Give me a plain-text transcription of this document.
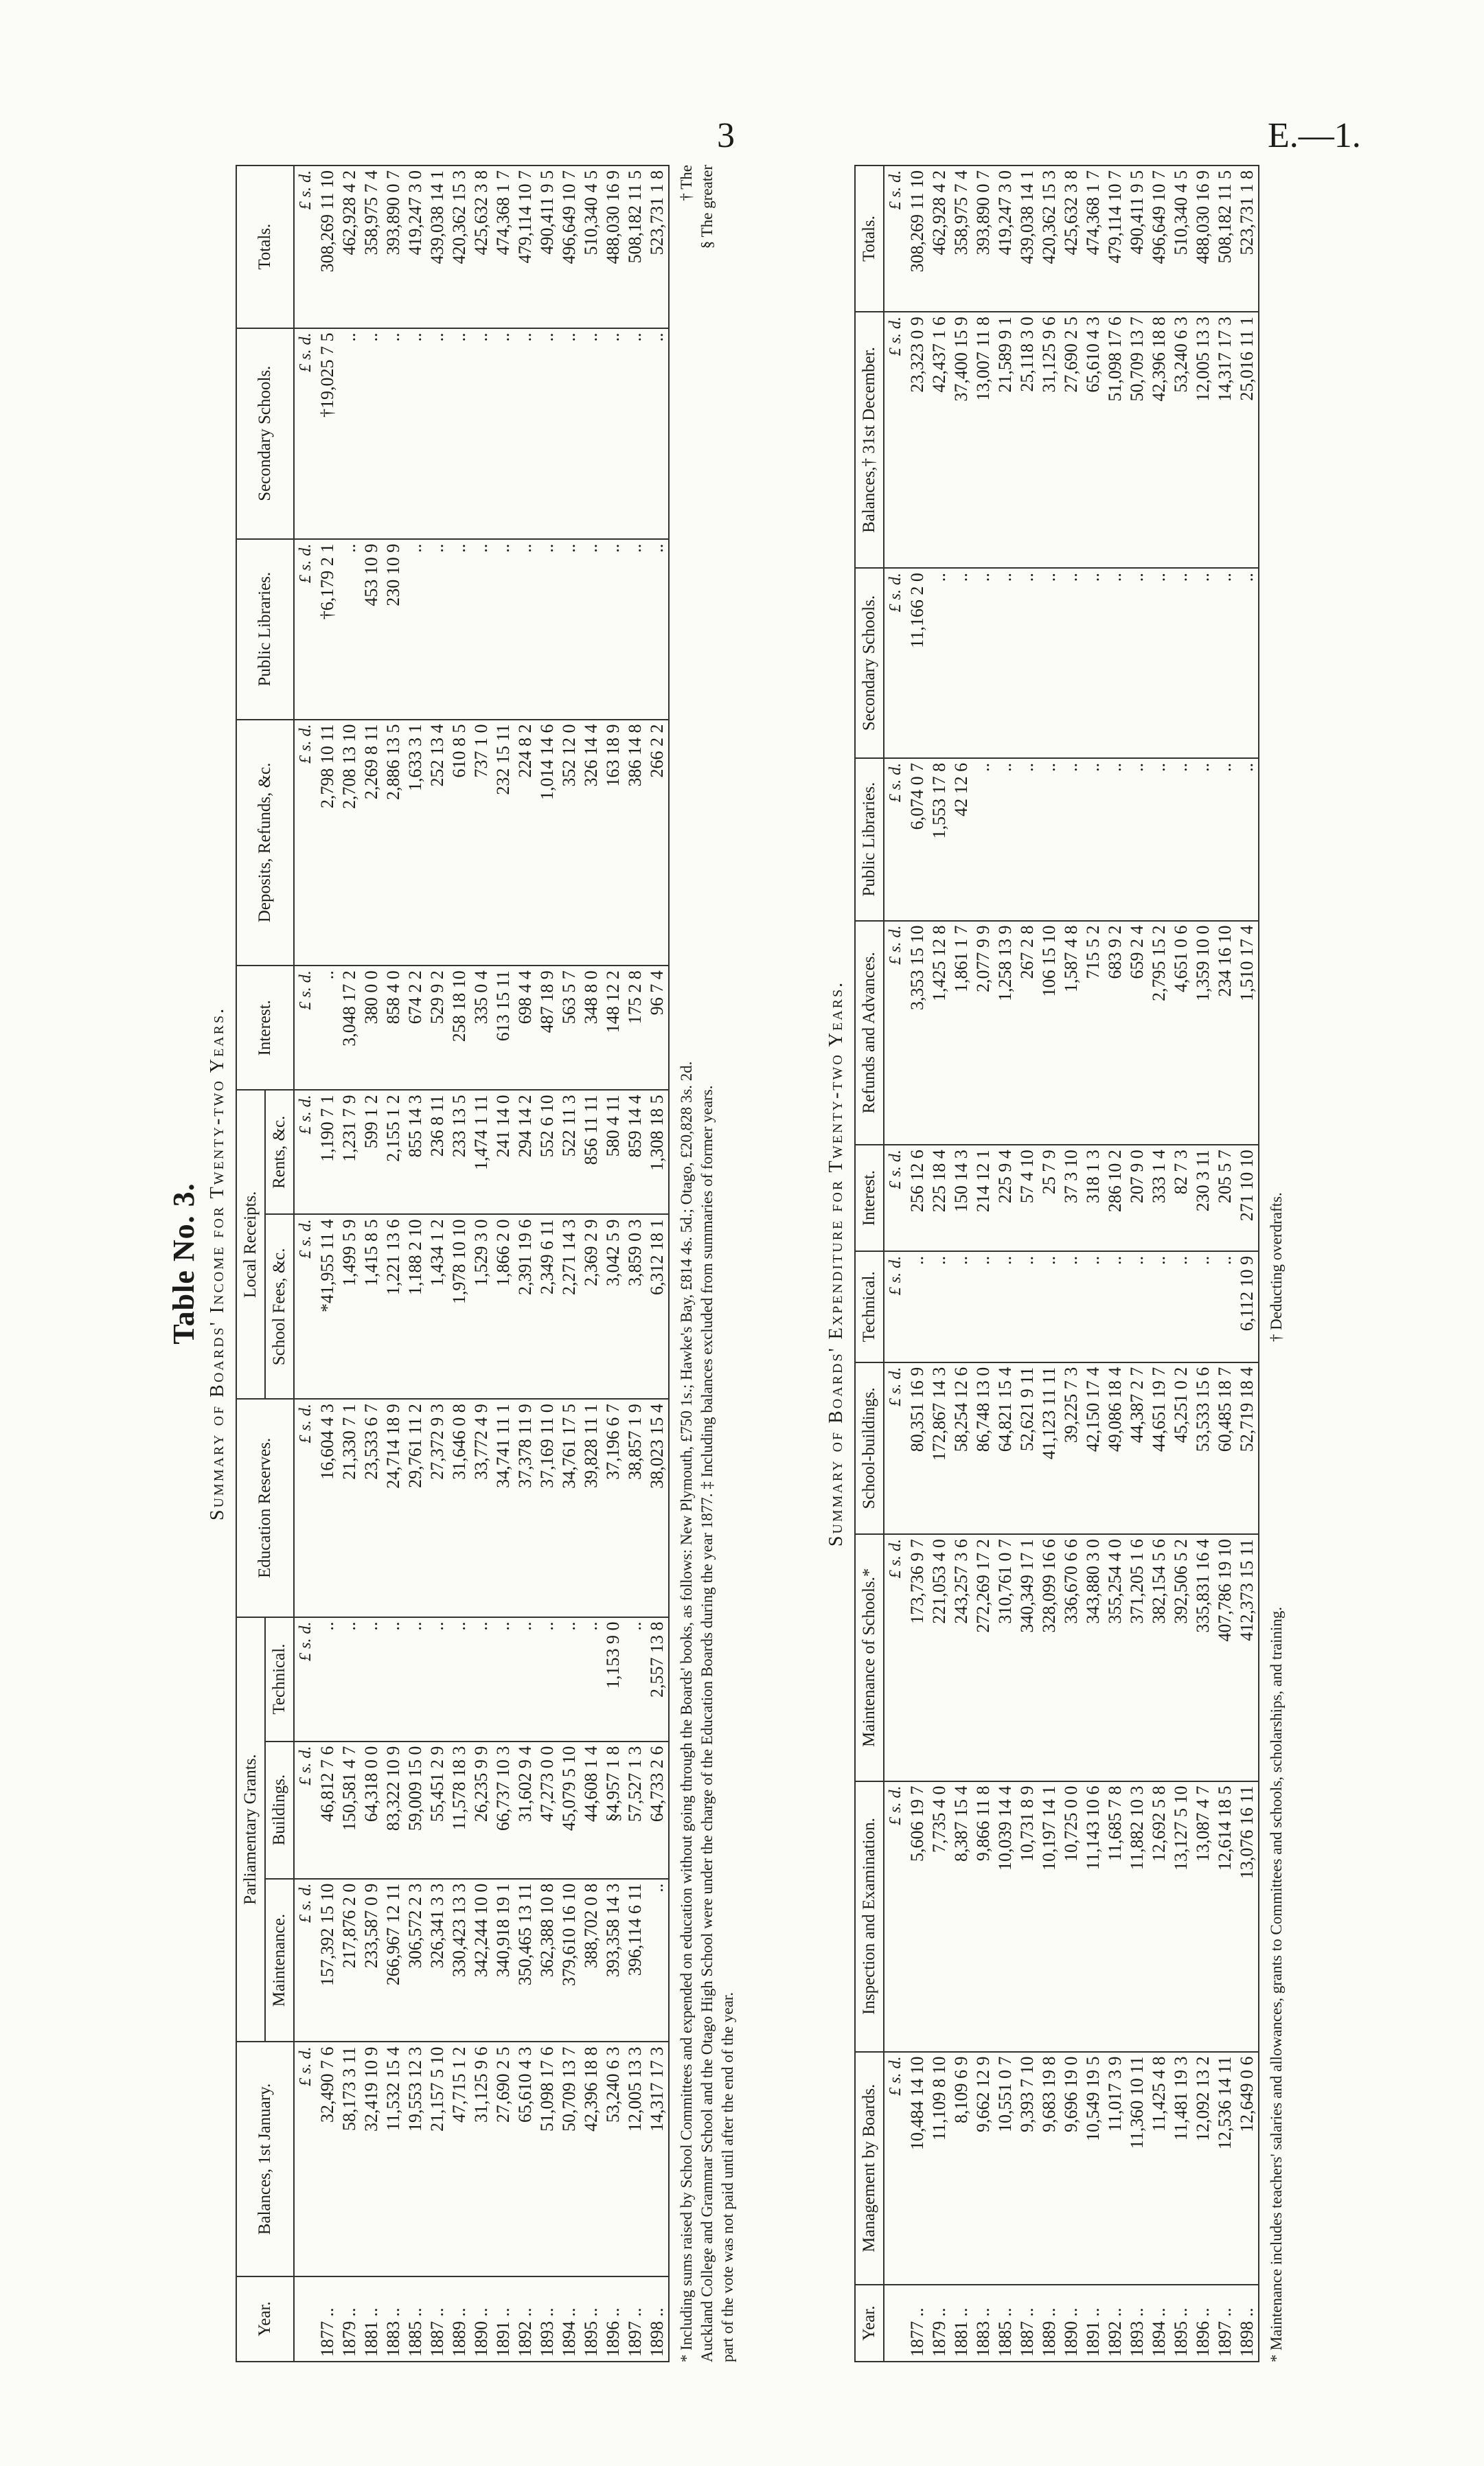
3	E.—1.
Table No. 3. Summary of Boards' Income for Twenty-two Years.
Year.	Balances, 1st January.	Parliamentary Grants.			Education Reserves.	Local Receipts.		Interest.	Deposits, Refunds, &c.	Public Libraries.	Secondary Schools.	Totals.
		Maintenance.	Buildings.	Technical.		School Fees, &c.	Rents, &c.					
	£ s. d.	£ s. d.	£ s. d.	£ s. d.	£ s. d.	£ s. d.	£ s. d.	£ s. d.	£ s. d.	£ s. d.	£ s. d.	£ s. d.
1877 ..	32,490 7 6	157,392 15 10	46,812 7 6	..	16,604 4 3	*41,955 11 4	1,190 7 1	..	2,798 10 11	†6,179 2 1	†19,025 7 5	308,269 11 10
1879 ..	58,173 3 11	217,876 2 0	150,581 4 7	..	21,330 7 1	1,499 5 9	1,231 7 9	3,048 17 2	2,708 13 10	..	..	462,928 4 2
1881 ..	32,419 10 9	233,587 0 9	64,318 0 0	..	23,533 6 7	1,415 8 5	599 1 2	380 0 0	2,269 8 11	453 10 9	..	358,975 7 4
1883 ..	11,532 15 4	266,967 12 11	83,322 10 9	..	24,714 18 9	1,221 13 6	2,155 1 2	858 4 0	2,886 13 5	230 10 9	..	393,890 0 7
1885 ..	19,553 12 3	306,572 2 3	59,009 15 0	..	29,761 11 2	1,188 2 10	855 14 3	674 2 2	1,633 3 1	..	..	419,247 3 0
1887 ..	21,157 5 10	326,341 3 3	55,451 2 9	..	27,372 9 3	1,434 1 2	236 8 11	529 9 2	252 13 4	..	..	439,038 14 1
1889 ..	47,715 1 2	330,423 13 3	11,578 18 3	..	31,646 0 8	1,978 10 10	233 13 5	258 18 10	610 8 5	..	..	420,362 15 3
1890 ..	31,125 9 6	342,244 10 0	26,235 9 9	..	33,772 4 9	1,529 3 0	1,474 1 11	335 0 4	737 1 0	..	..	425,632 3 8
1891 ..	27,690 2 5	340,918 19 1	66,737 10 3	..	34,741 11 1	1,866 2 0	241 14 0	613 15 11	232 15 11	..	..	474,368 1 7
1892 ..	65,610 4 3	350,465 13 11	31,602 9 4	..	37,378 11 9	2,391 19 6	294 14 2	698 4 4	224 8 2	..	..	479,114 10 7
1893 ..	51,098 17 6	362,388 10 8	47,273 0 0	..	37,169 11 0	2,349 6 11	552 6 10	487 18 9	1,014 14 6	..	..	490,411 9 5
1894 ..	50,709 13 7	379,610 16 10	45,079 5 10	..	34,761 17 5	2,271 14 3	522 11 3	563 5 7	352 12 0	..	..	496,649 10 7
1895 ..	42,396 18 8	388,702 0 8	44,608 1 4	..	39,828 11 1	2,369 2 9	856 11 11	348 8 0	326 14 4	..	..	510,340 4 5
1896 ..	53,240 6 3	393,358 14 3	§4,957 1 8	1,153 9 0	37,196 6 7	3,042 5 9	580 4 11	148 12 2	163 18 9	..	..	488,030 16 9
1897 ..	12,005 13 3	396,114 6 11	57,527 1 3	..	38,857 1 9	3,859 0 3	859 14 4	175 2 8	386 14 8	..	..	508,182 11 5
1898 ..	14,317 17 3	..	64,733 2 6	2,557 13 8	38,023 15 4	6,312 18 1	1,308 18 5	96 7 4	266 2 2	..	..	523,731 1 8
* Including sums raised by School Committees and expended on education without going through the Boards' books, as follows: New Plymouth, £750 1s.; Hawke's Bay, £814 4s. 5d.; Otago, £20,828 3s. 2d.
† The
Auckland College and Grammar School and the Otago High School were under the charge of the Education Boards during the year 1877. ‡ Including balances excluded from summaries of former years.
§ The greater
part of the vote was not paid until after the end of the year.
Summary of Boards' Expenditure for Twenty-two Years.
Year.	Management by Boards.	Inspection and Examination.	Maintenance of Schools.*	School-buildings.	Technical.	Interest.	Refunds and Advances.	Public Libraries.	Secondary Schools.	Balances,† 31st December.	Totals.
	£ s. d.	£ s. d.	£ s. d.	£ s. d.	£ s. d.	£ s. d.	£ s. d.	£ s. d.	£ s. d.	£ s. d.	£ s. d.
1877 ..	10,484 14 10	5,606 19 7	173,736 9 7	80,351 16 9	..	256 12 6	3,353 15 10	6,074 0 7	11,166 2 0	23,323 0 9	308,269 11 10
1879 ..	11,109 8 10	7,735 4 0	221,053 4 0	172,867 14 3	..	225 18 4	1,425 12 8	1,553 17 8	..	42,437 1 6	462,928 4 2
1881 ..	8,109 6 9	8,387 15 4	243,257 3 6	58,254 12 6	..	150 14 3	1,861 1 7	42 12 6	..	37,400 15 9	358,975 7 4
1883 ..	9,662 12 9	9,866 11 8	272,269 17 2	86,748 13 0	..	214 12 1	2,077 9 9	..	..	13,007 11 8	393,890 0 7
1885 ..	10,551 0 7	10,039 14 4	310,761 0 7	64,821 15 4	..	225 9 4	1,258 13 9	..	..	21,589 9 1	419,247 3 0
1887 ..	9,393 7 10	10,731 8 9	340,349 17 1	52,621 9 11	..	57 4 10	267 2 8	..	..	25,118 3 0	439,038 14 1
1889 ..	9,683 19 8	10,197 14 1	328,099 16 6	41,123 11 11	..	25 7 9	106 15 10	..	..	31,125 9 6	420,362 15 3
1890 ..	9,696 19 0	10,725 0 0	336,670 6 6	39,225 7 3	..	37 3 10	1,587 4 8	..	..	27,690 2 5	425,632 3 8
1891 ..	10,549 19 5	11,143 10 6	343,880 3 0	42,150 17 4	..	318 1 3	715 5 2	..	..	65,610 4 3	474,368 1 7
1892 ..	11,017 3 9	11,685 7 8	355,254 4 0	49,086 18 4	..	286 10 2	683 9 2	..	..	51,098 17 6	479,114 10 7
1893 ..	11,360 10 11	11,882 10 3	371,205 1 6	44,387 2 7	..	207 9 0	659 2 4	..	..	50,709 13 7	490,411 9 5
1894 ..	11,425 4 8	12,692 5 8	382,154 5 6	44,651 19 7	..	333 1 4	2,795 15 2	..	..	42,396 18 8	496,649 10 7
1895 ..	11,481 19 3	13,127 5 10	392,506 5 2	45,251 0 2	..	82 7 3	4,651 0 6	..	..	53,240 6 3	510,340 4 5
1896 ..	12,092 13 2	13,087 4 7	335,831 16 4	53,533 15 6	..	230 3 11	1,359 10 0	..	..	12,005 13 3	488,030 16 9
1897 ..	12,536 14 11	12,614 18 5	407,786 19 10	60,485 18 7	..	205 5 7	234 16 10	..	..	14,317 17 3	508,182 11 5
1898 ..	12,649 0 6	13,076 16 11	412,373 15 11	52,719 18 4	6,112 10 9	271 10 10	1,510 17 4	..	..	25,016 11 1	523,731 1 8
* Maintenance includes teachers' salaries and allowances, grants to Committees and schools, scholarships, and training. † Deducting overdrafts.
